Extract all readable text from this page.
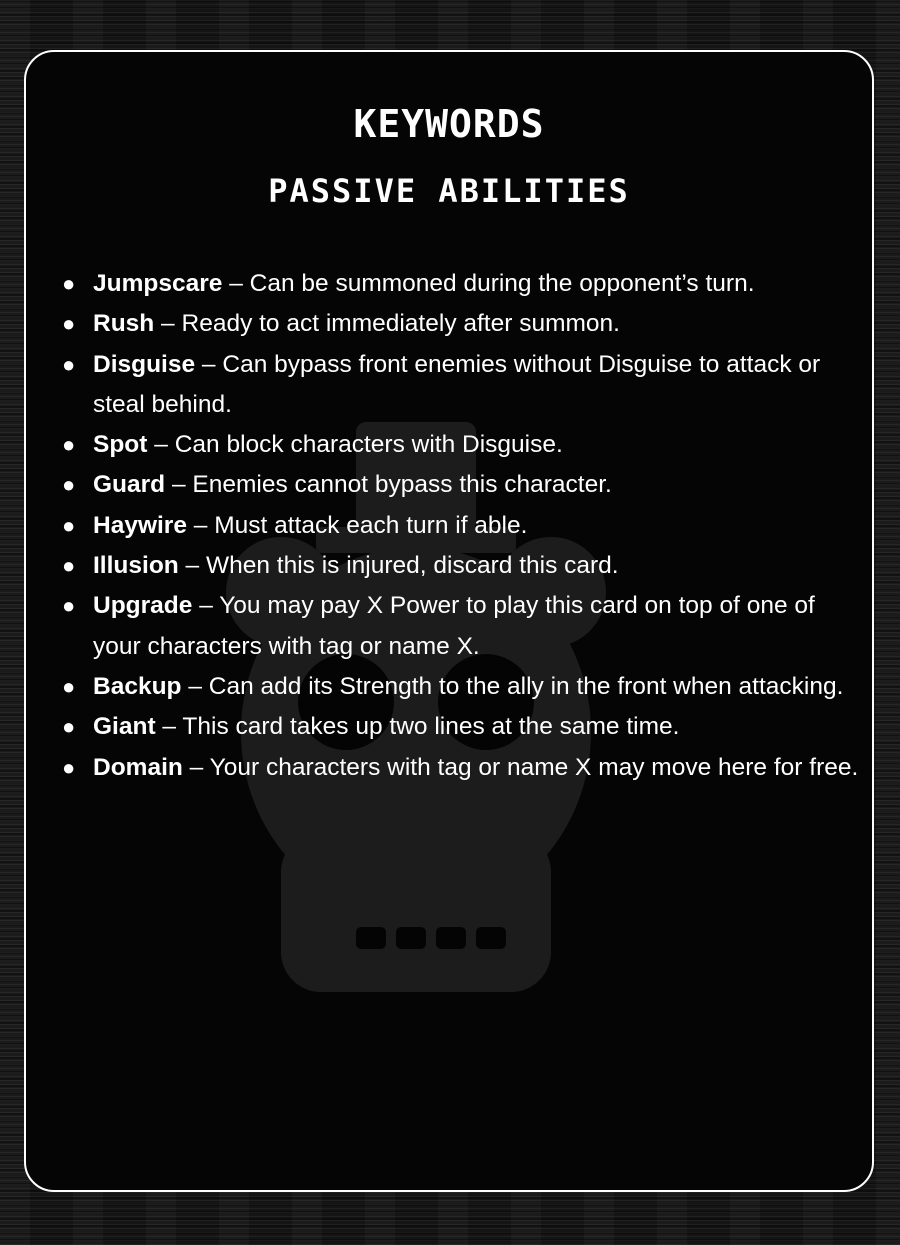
KEYWORDS
PASSIVE ABILITIES
● Jumpscare – Can be summoned during the opponent’s turn.
● Rush – Ready to act immediately after summon.
● Disguise – Can bypass front enemies without Disguise to attack or steal behind.
● Spot – Can block characters with Disguise.
● Guard – Enemies cannot bypass this character.
● Haywire – Must attack each turn if able.
● Illusion – When this is injured, discard this card.
● Upgrade – You may pay X Power to play this card on top of one of your characters with tag or name X.
● Backup – Can add its Strength to the ally in the front when attacking.
● Giant – This card takes up two lines at the same time.
● Domain – Your characters with tag or name X may move here for free.
